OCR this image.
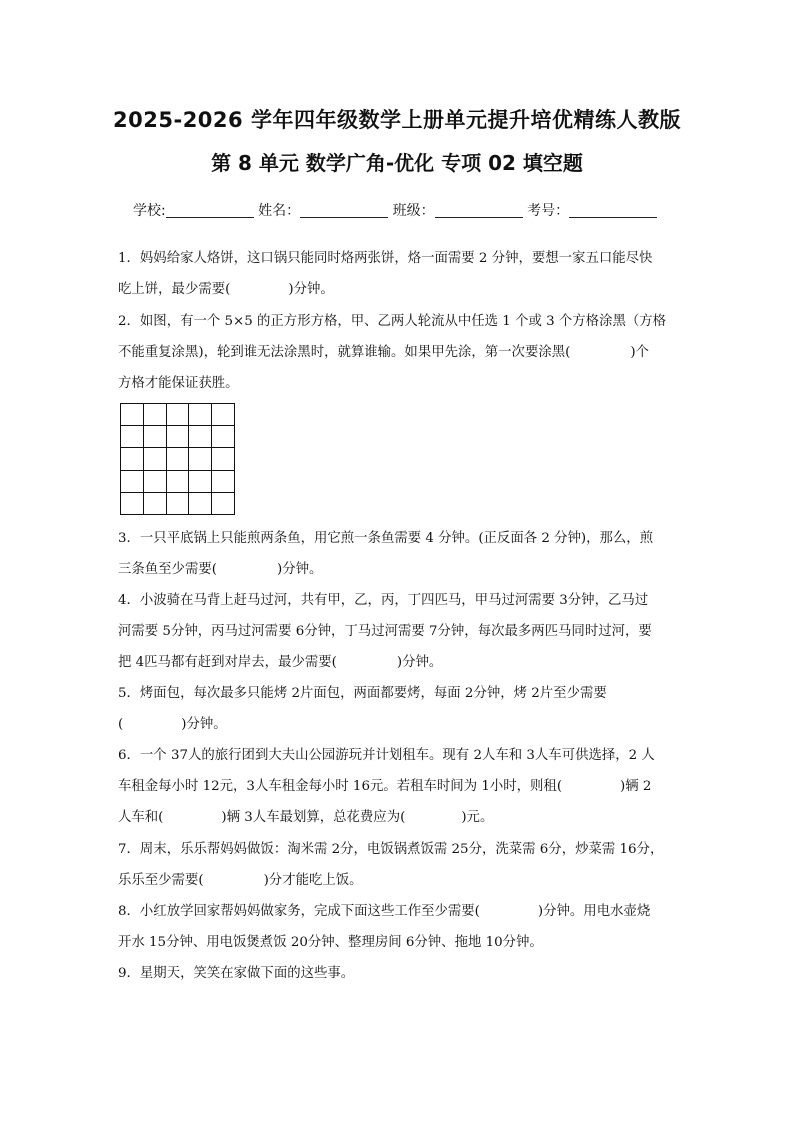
2025-2026 学年四年级数学上册单元提升培优精练人教版
第 8 单元 数学广角-优化 专项 02 填空题
学校:	姓名：	班级：	考号：
1．妈妈给家人烙饼，这口锅只能同时烙两张饼，烙一面需要 2 分钟，要想一家五口能尽快
吃上饼，最少需要(	)分钟。
2．如图，有一个 5×5 的正方形方格，甲、乙两人轮流从中任选 1 个或 3 个方格涂黑（方格
不能重复涂黑)，轮到谁无法涂黑时，就算谁输。如果甲先涂，第一次要涂黑(	)个
方格才能保证获胜。
3．一只平底锅上只能煎两条鱼，用它煎一条鱼需要 4 分钟。(正反面各 2 分钟)，那么，煎
三条鱼至少需要(	)分钟。
4．小波骑在马背上赶马过河，共有甲，乙，丙，丁四匹马，甲马过河需要 3分钟，乙马过
河需要 5分钟，丙马过河需要 6分钟，丁马过河需要 7分钟，每次最多两匹马同时过河，要
把 4匹马都有赶到对岸去，最少需要(	)分钟。
5．烤面包，每次最多只能烤 2片面包，两面都要烤，每面 2分钟，烤 2片至少需要
(	)分钟。
6．一个 37人的旅行团到大夫山公园游玩并计划租车。现有 2人车和 3人车可供选择，2 人
车租金每小时 12元，3人车租金每小时 16元。若租车时间为 1小时，则租(	)辆 2
人车和(	)辆 3人车最划算，总花费应为(	)元。
7．周末，乐乐帮妈妈做饭：淘米需 2分，电饭锅煮饭需 25分，洗菜需 6分，炒菜需 16分，
乐乐至少需要(	)分才能吃上饭。
8．小红放学回家帮妈妈做家务，完成下面这些工作至少需要(	)分钟。用电水壶烧
开水 15分钟、用电饭煲煮饭 20分钟、整理房间 6分钟、拖地 10分钟。
9．星期天，笑笑在家做下面的这些事。
